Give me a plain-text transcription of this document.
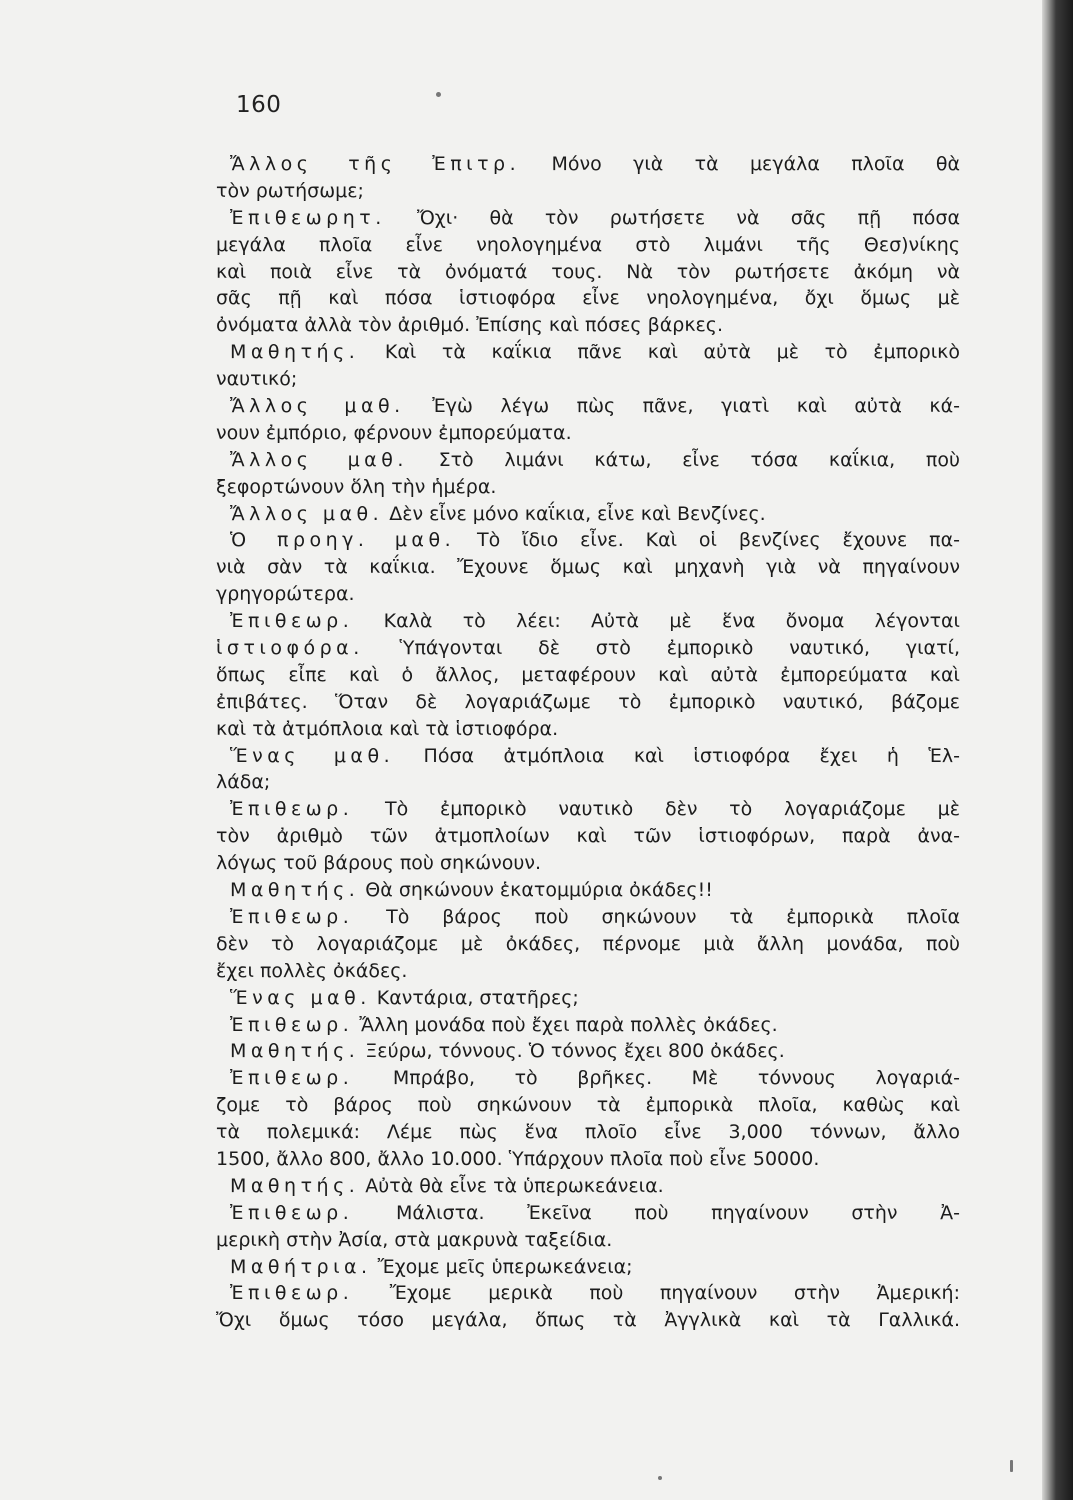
160
Ἄλλος τῆς Ἐπιτρ. Μόνο γιὰ τὰ μεγάλα πλοῖα θὰ
τὸν ρωτήσωμε;
Ἐπιθεωρητ. Ὄχι· θὰ τὸν ρωτήσετε νὰ σᾶς πῇ πόσα
μεγάλα πλοῖα εἶνε νηολογημένα στὸ λιμάνι τῆς Θεσ)νίκης
καὶ ποιὰ εἶνε τὰ ὀνόματά τους. Νὰ τὸν ρωτήσετε ἀκόμη νὰ
σᾶς πῇ καὶ πόσα ἱστιοφόρα εἶνε νηολογημένα, ὄχι ὅμως μὲ
ὀνόματα ἀλλὰ τὸν ἀριθμό. Ἐπίσης καὶ πόσες βάρκες.
Μαθητής. Καὶ τὰ καΐκια πᾶνε καὶ αὐτὰ μὲ τὸ ἐμπορικὸ
ναυτικό;
Ἄλλος μαθ. Ἐγὼ λέγω πὼς πᾶνε, γιατὶ καὶ αὐτὰ κά-
νουν ἐμπόριο, φέρνουν ἐμπορεύματα.
Ἄλλος μαθ. Στὸ λιμάνι κάτω, εἶνε τόσα καΐκια, ποὺ
ξεφορτώνουν ὅλη τὴν ἡμέρα.
Ἄλλος μαθ. Δὲν εἶνε μόνο καΐκια, εἶνε καὶ Βενζίνες.
Ὁ προηγ. μαθ. Τὸ ἴδιο εἶνε. Καὶ οἱ βενζίνες ἔχουνε πα-
νιὰ σὰν τὰ καΐκια. Ἔχουνε ὅμως καὶ μηχανὴ γιὰ νὰ πηγαίνουν
γρηγορώτερα.
Ἐπιθεωρ. Καλὰ τὸ λέει: Αὐτὰ μὲ ἕνα ὄνομα λέγονται
ἱστιοφόρα. Ὑπάγονται δὲ στὸ ἐμπορικὸ ναυτικό, γιατί,
ὅπως εἶπε καὶ ὁ ἄλλος, μεταφέρουν καὶ αὐτὰ ἐμπορεύματα καὶ
ἐπιβάτες. Ὅταν δὲ λογαριάζωμε τὸ ἐμπορικὸ ναυτικό, βάζομε
καὶ τὰ ἀτμόπλοια καὶ τὰ ἱστιοφόρα.
Ἕνας μαθ. Πόσα ἀτμόπλοια καὶ ἱστιοφόρα ἔχει ἡ Ἑλ-
λάδα;
Ἐπιθεωρ. Τὸ ἐμπορικὸ ναυτικὸ δὲν τὸ λογαριάζομε μὲ
τὸν ἀριθμὸ τῶν ἀτμοπλοίων καὶ τῶν ἱστιοφόρων, παρὰ ἀνα-
λόγως τοῦ βάρους ποὺ σηκώνουν.
Μαθητής. Θὰ σηκώνουν ἑκατομμύρια ὀκάδες!!
Ἐπιθεωρ. Τὸ βάρος ποὺ σηκώνουν τὰ ἐμπορικὰ πλοῖα
δὲν τὸ λογαριάζομε μὲ ὀκάδες, πέρνομε μιὰ ἄλλη μονάδα, ποὺ
ἔχει πολλὲς ὀκάδες.
Ἕνας μαθ. Καντάρια, στατῆρες;
Ἐπιθεωρ. Ἄλλη μονάδα ποὺ ἔχει παρὰ πολλὲς ὀκάδες.
Μαθητής. Ξεύρω, τόννους. Ὁ τόννος ἔχει 800 ὀκάδες.
Ἐπιθεωρ. Μπράβο, τὸ βρῆκες. Μὲ τόννους λογαριά-
ζομε τὸ βάρος ποὺ σηκώνουν τὰ ἐμπορικὰ πλοῖα, καθὼς καὶ
τὰ πολεμικά: Λέμε πὼς ἕνα πλοῖο εἶνε 3,000 τόννων, ἄλλο
1500, ἄλλο 800, ἄλλο 10.000. Ὑπάρχουν πλοῖα ποὺ εἶνε 50000.
Μαθητής. Αὐτὰ θὰ εἶνε τὰ ὑπερωκεάνεια.
Ἐπιθεωρ. Μάλιστα. Ἐκεῖνα ποὺ πηγαίνουν στὴν Ἀ-
μερικὴ στὴν Ἀσία, στὰ μακρυνὰ ταξείδια.
Μαθήτρια. Ἔχομε μεῖς ὑπερωκεάνεια;
Ἐπιθεωρ. Ἔχομε μερικὰ ποὺ πηγαίνουν στὴν Ἀμερική:
Ὄχι ὅμως τόσο μεγάλα, ὅπως τὰ Ἀγγλικὰ καὶ τὰ Γαλλικά.
